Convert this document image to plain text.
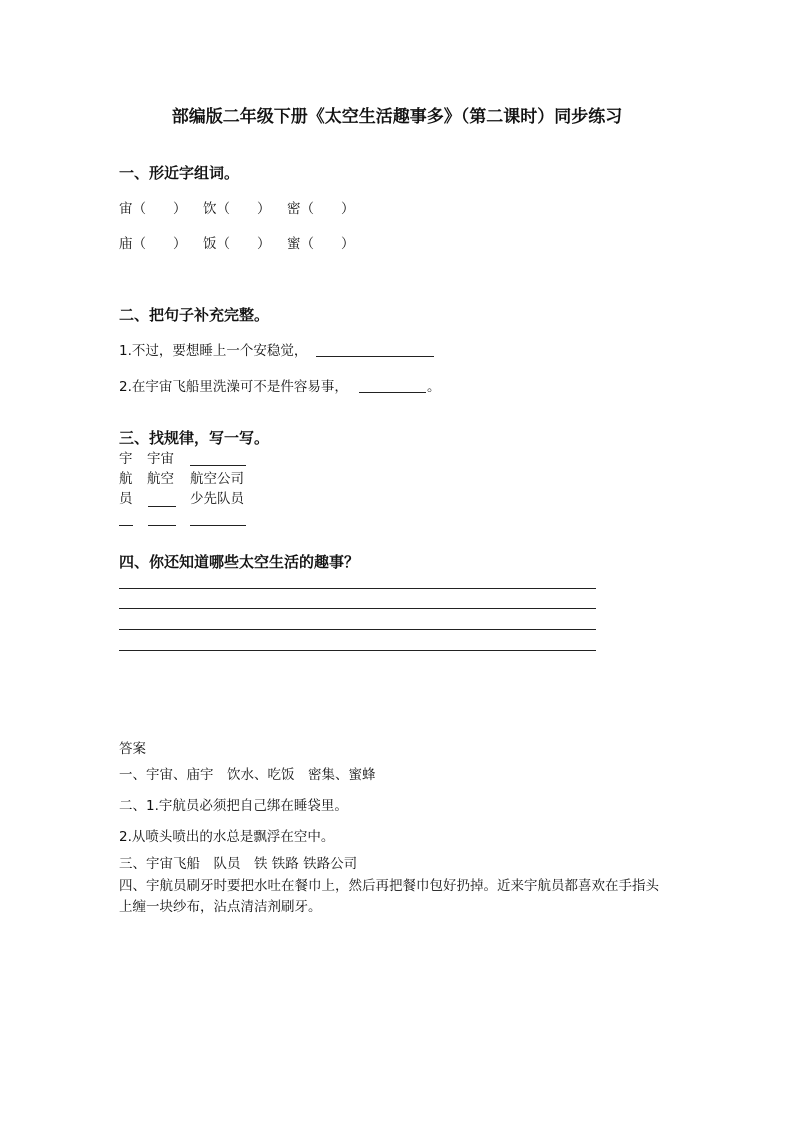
部编版二年级下册《太空生活趣事多》（第二课时）同步练习
一、形近字组词。
宙（　　） 饮（　　） 密（　　）
庙（　　） 饭（　　） 蜜（　　）
二、把句子补充完整。
1.不过，要想睡上一个安稳觉，
2.在宇宙飞船里洗澡可不是件容易事，	。
三、找规律，写一写。
宇 宇宙
航 航空 航空公司
员	少先队员
四、你还知道哪些太空生活的趣事？
答案
一、宇宙、庙宇　饮水、吃饭　密集、蜜蜂
二、1.宇航员必须把自己绑在睡袋里。
2.从喷头喷出的水总是飘浮在空中。
三、宇宙飞船　队员　铁 铁路 铁路公司
四、宇航员刷牙时要把水吐在餐巾上，然后再把餐巾包好扔掉。近来宇航员都喜欢在手指头
上缠一块纱布，沾点清洁剂刷牙。
